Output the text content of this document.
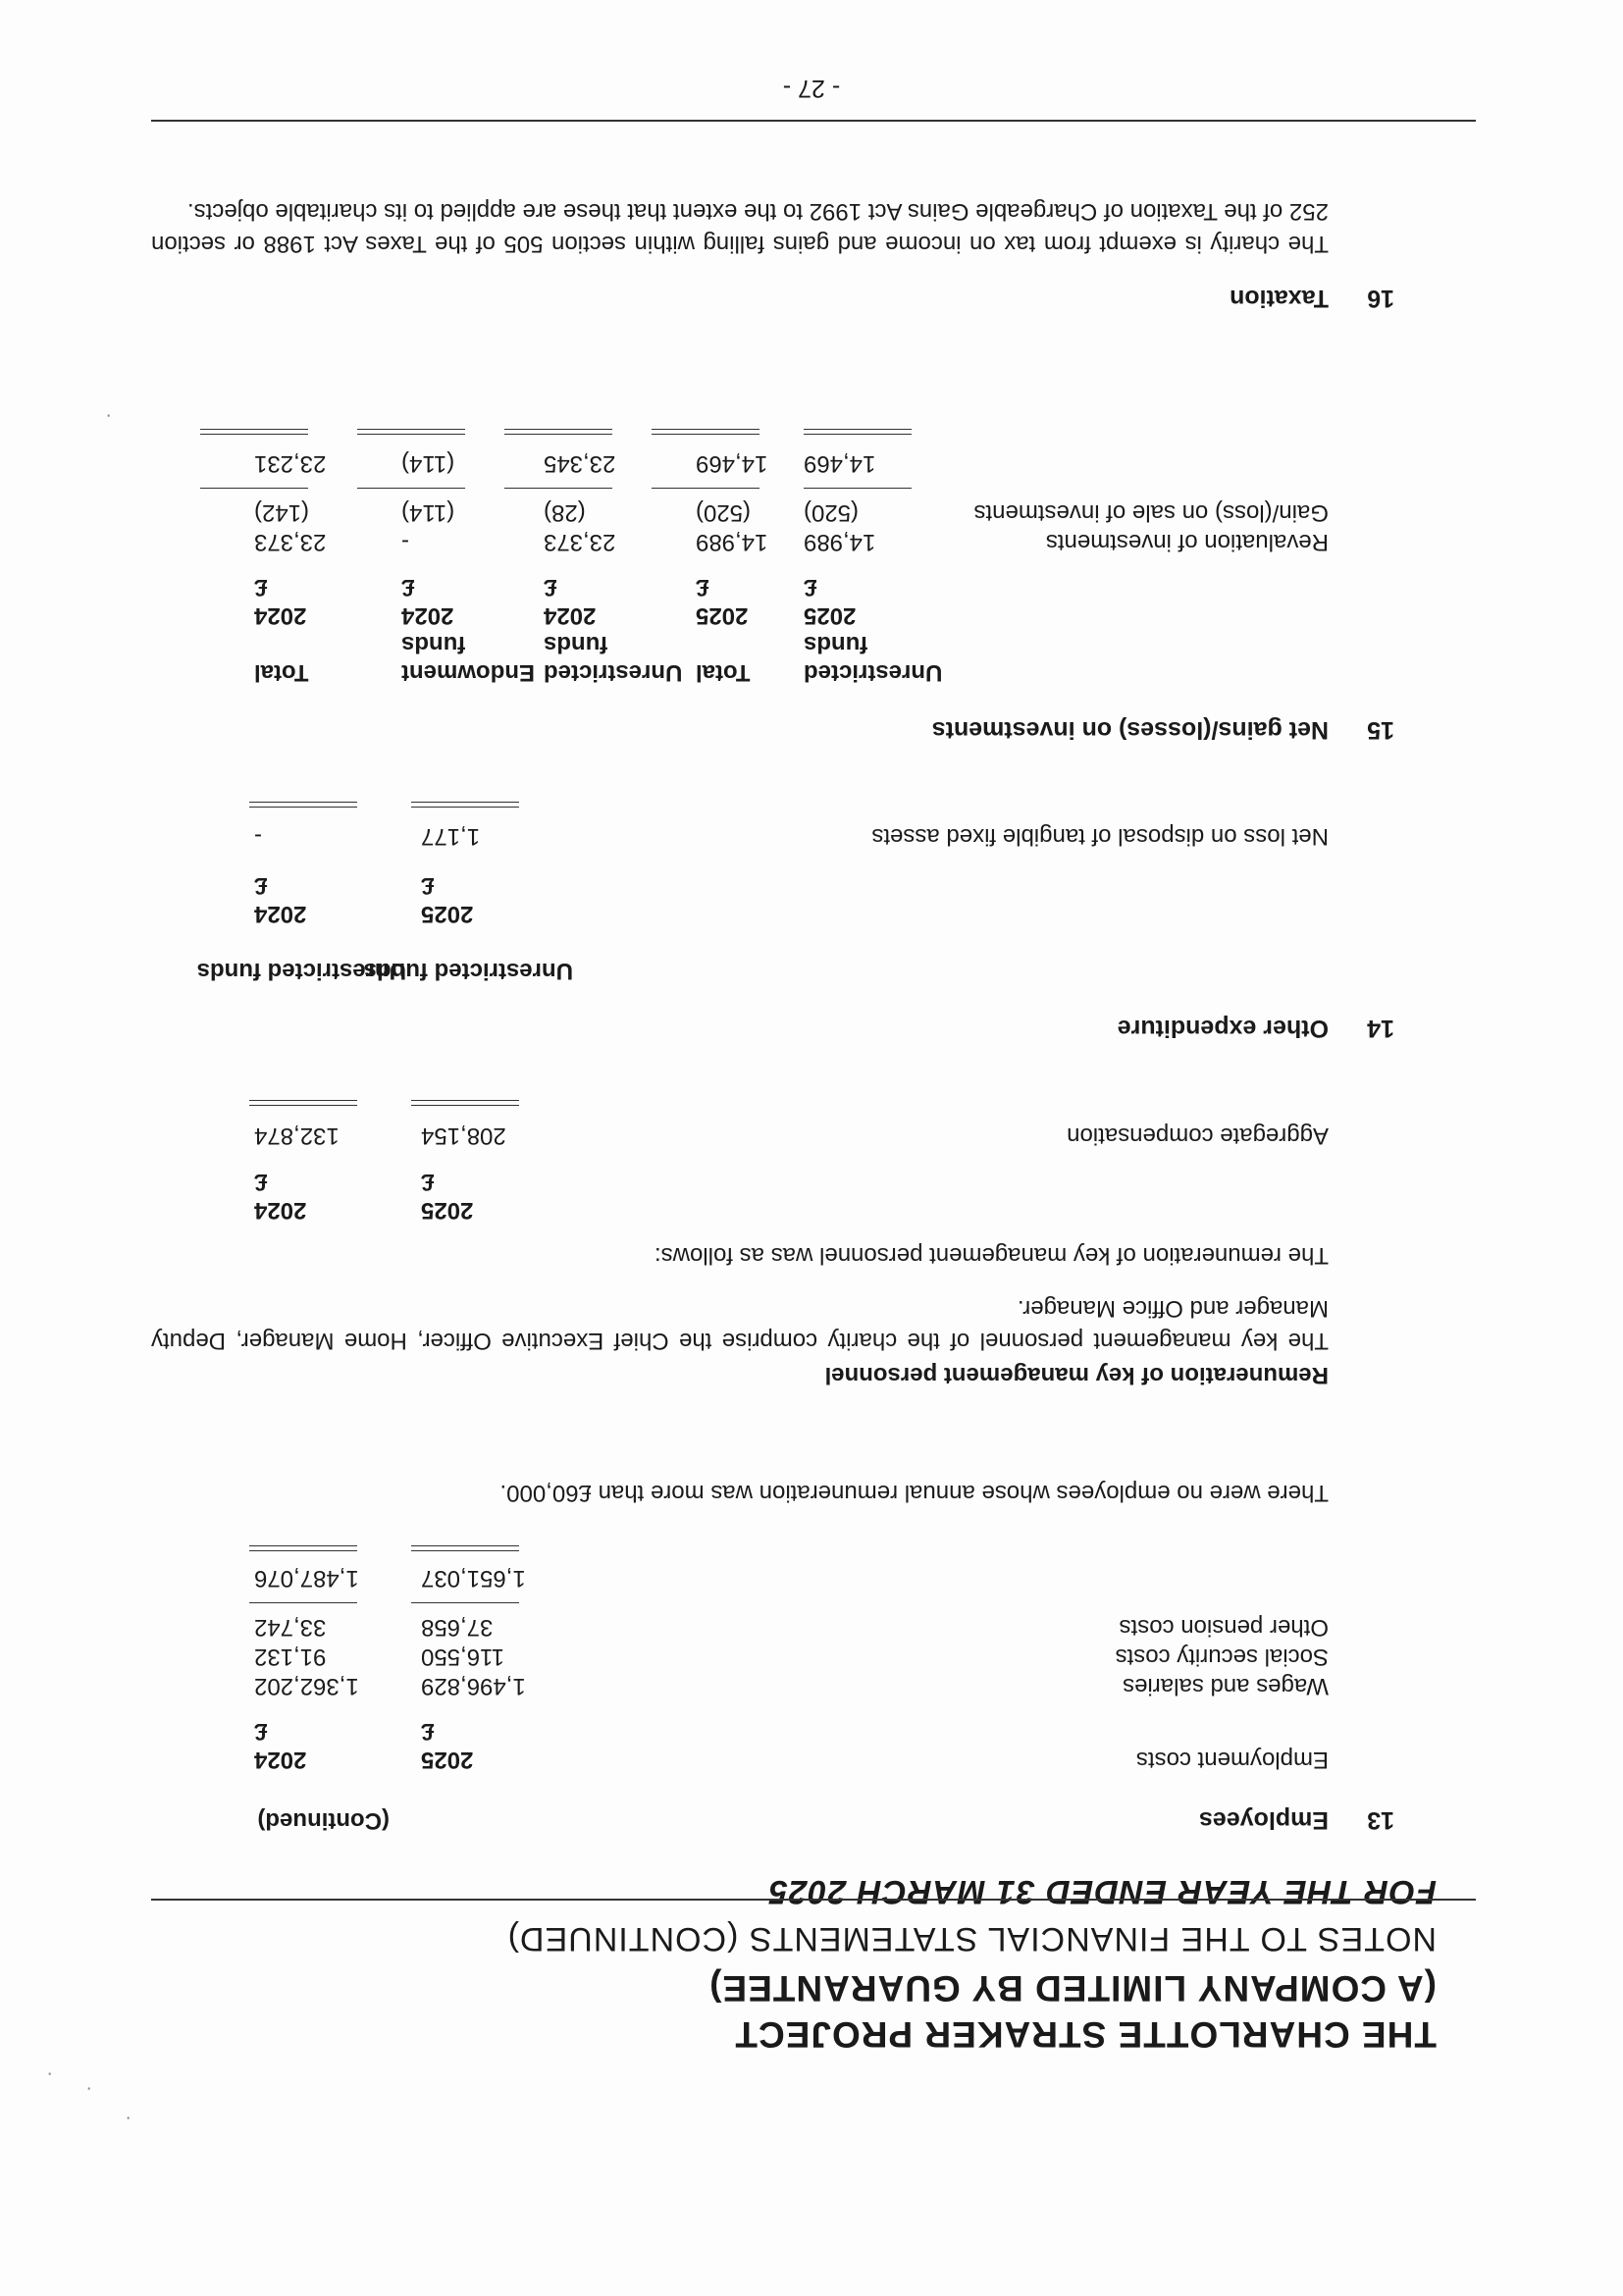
THE CHARLOTTE STRAKER PROJECT
(A COMPANY LIMITED BY GUARANTEE)
NOTES TO THE FINANCIAL STATEMENTS (CONTINUED)
FOR THE YEAR ENDED 31 MARCH 2025
13
Employees
(Continued)
Employment costs
2025
2024
£
£
Wages and salaries
1,496,829
1,362,202
Social security costs
116,550
91,132
Other pension costs
37,658
33,742
1,651,037
1,487,076
There were no employees whose annual remuneration was more than £60,000.
Remuneration of key management personnel
The key management personnel of the charity comprise the Chief Executive Officer, Home Manager, Deputy Manager and Office Manager.
The remuneration of key management personnel was as follows:
2025
2024
£
£
Aggregate compensation
208,154
132,874
14
Other expenditure
Unrestricted funds
Unrestricted funds
2025
2024
£
£
Net loss on disposal of tangible fixed assets
1,177
-
15
Net gains/(losses) on investments
Unrestricted
funds
Total
Unrestricted
funds
Endowment
funds
Total
2025
2025
2024
2024
2024
£
£
£
£
£
Revaluation of investments
14,989
14,989
23,373
-
23,373
Gain/(loss) on sale of investments
(520)
(520)
(28)
(114)
(142)
14,469
14,469
23,345
(114)
23,231
16
Taxation
The charity is exempt from tax on income and gains falling within section 505 of the Taxes Act 1988 or section 252 of the Taxation of Chargeable Gains Act 1992 to the extent that these are applied to its charitable objects.
- 27 -
·
·
·
·
